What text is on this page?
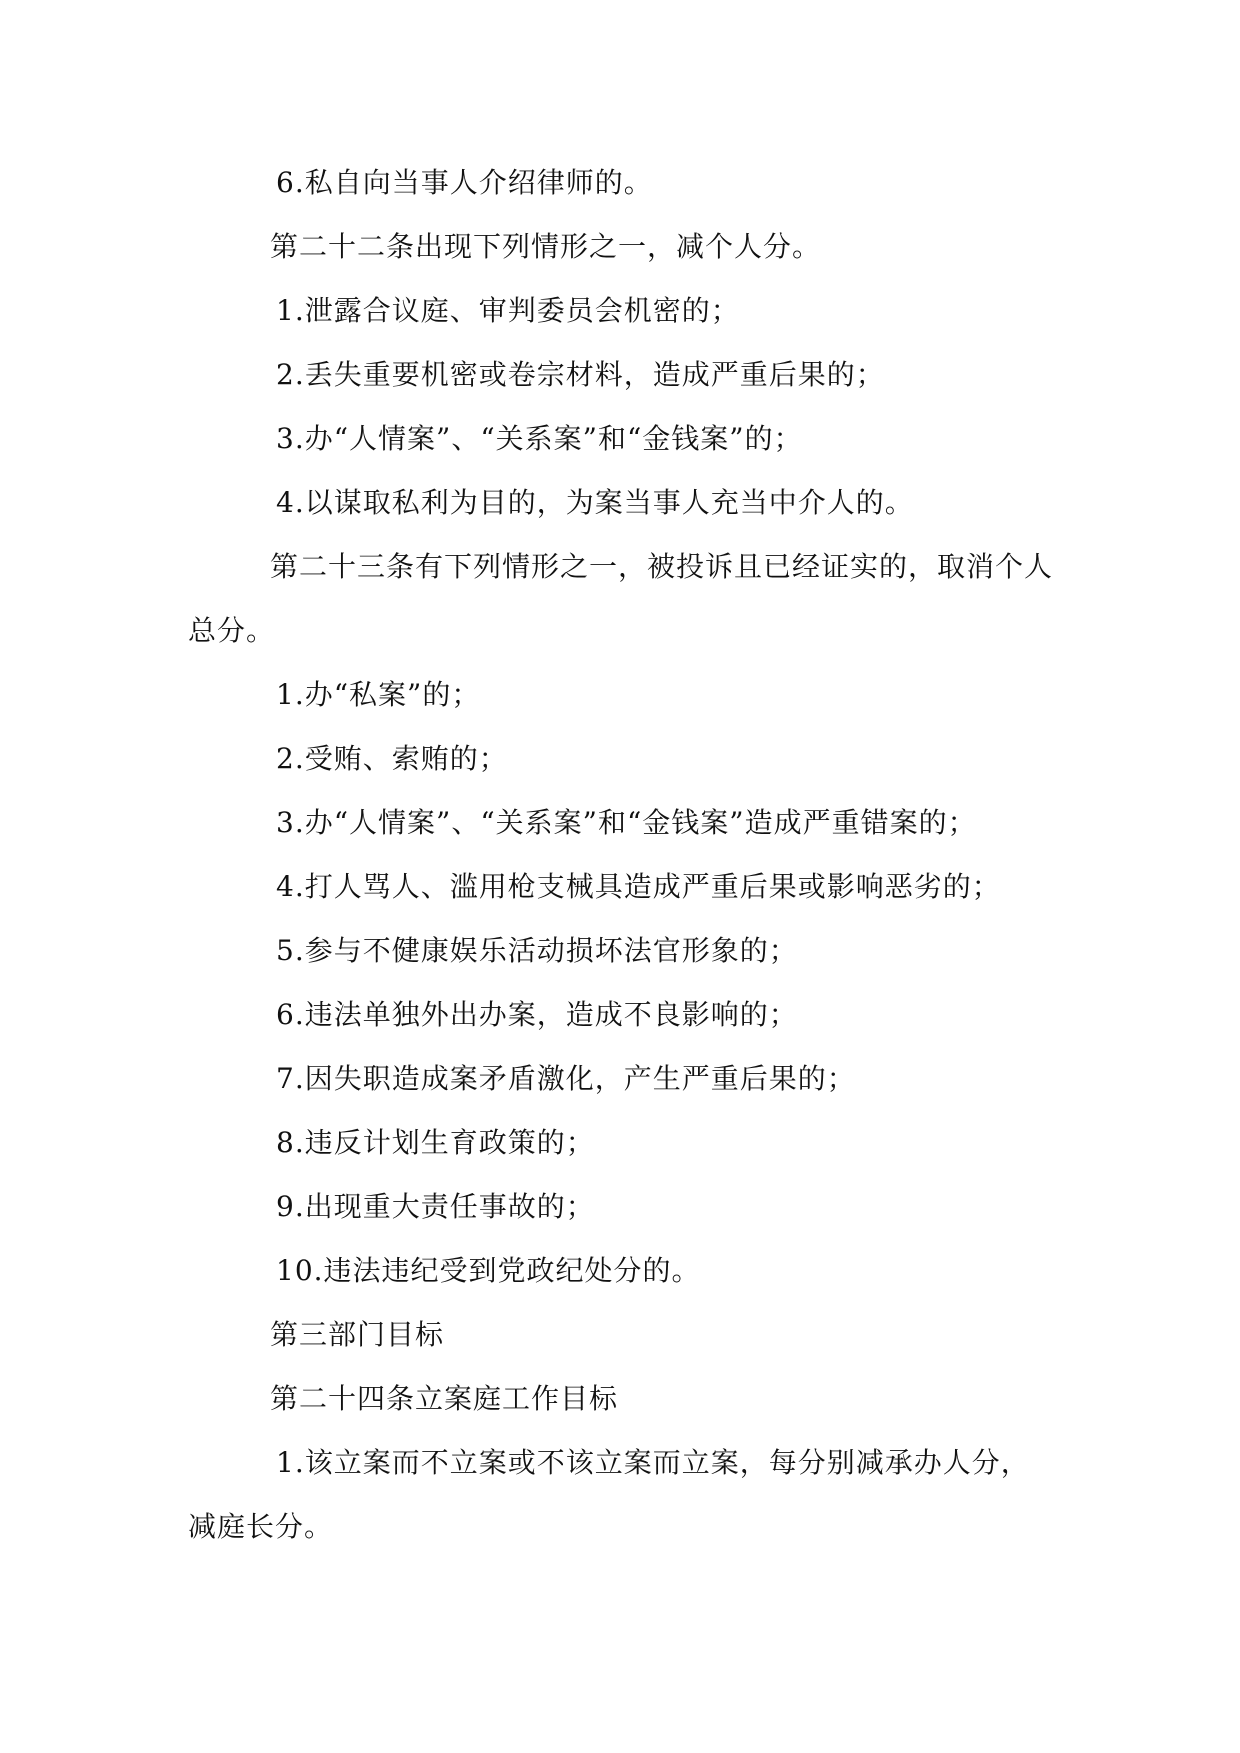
6.私自向当事人介绍律师的。

第二十二条出现下列情形之一，减个人分。

1.泄露合议庭、审判委员会机密的；

2.丢失重要机密或卷宗材料，造成严重后果的；

3.办“人情案”、“关系案”和“金钱案”的；

4.以谋取私利为目的，为案当事人充当中介人的。

第二十三条有下列情形之一，被投诉且已经证实的，取消个人总分。

1.办“私案”的；

2.受贿、索贿的；

3.办“人情案”、“关系案”和“金钱案”造成严重错案的；

4.打人骂人、滥用枪支械具造成严重后果或影响恶劣的；

5.参与不健康娱乐活动损坏法官形象的；

6.违法单独外出办案，造成不良影响的；

7.因失职造成案矛盾激化，产生严重后果的；

8.违反计划生育政策的；

9.出现重大责任事故的；

10.违法违纪受到党政纪处分的。

第三部门目标

第二十四条立案庭工作目标

1.该立案而不立案或不该立案而立案，每分别减承办人分，减庭长分。
